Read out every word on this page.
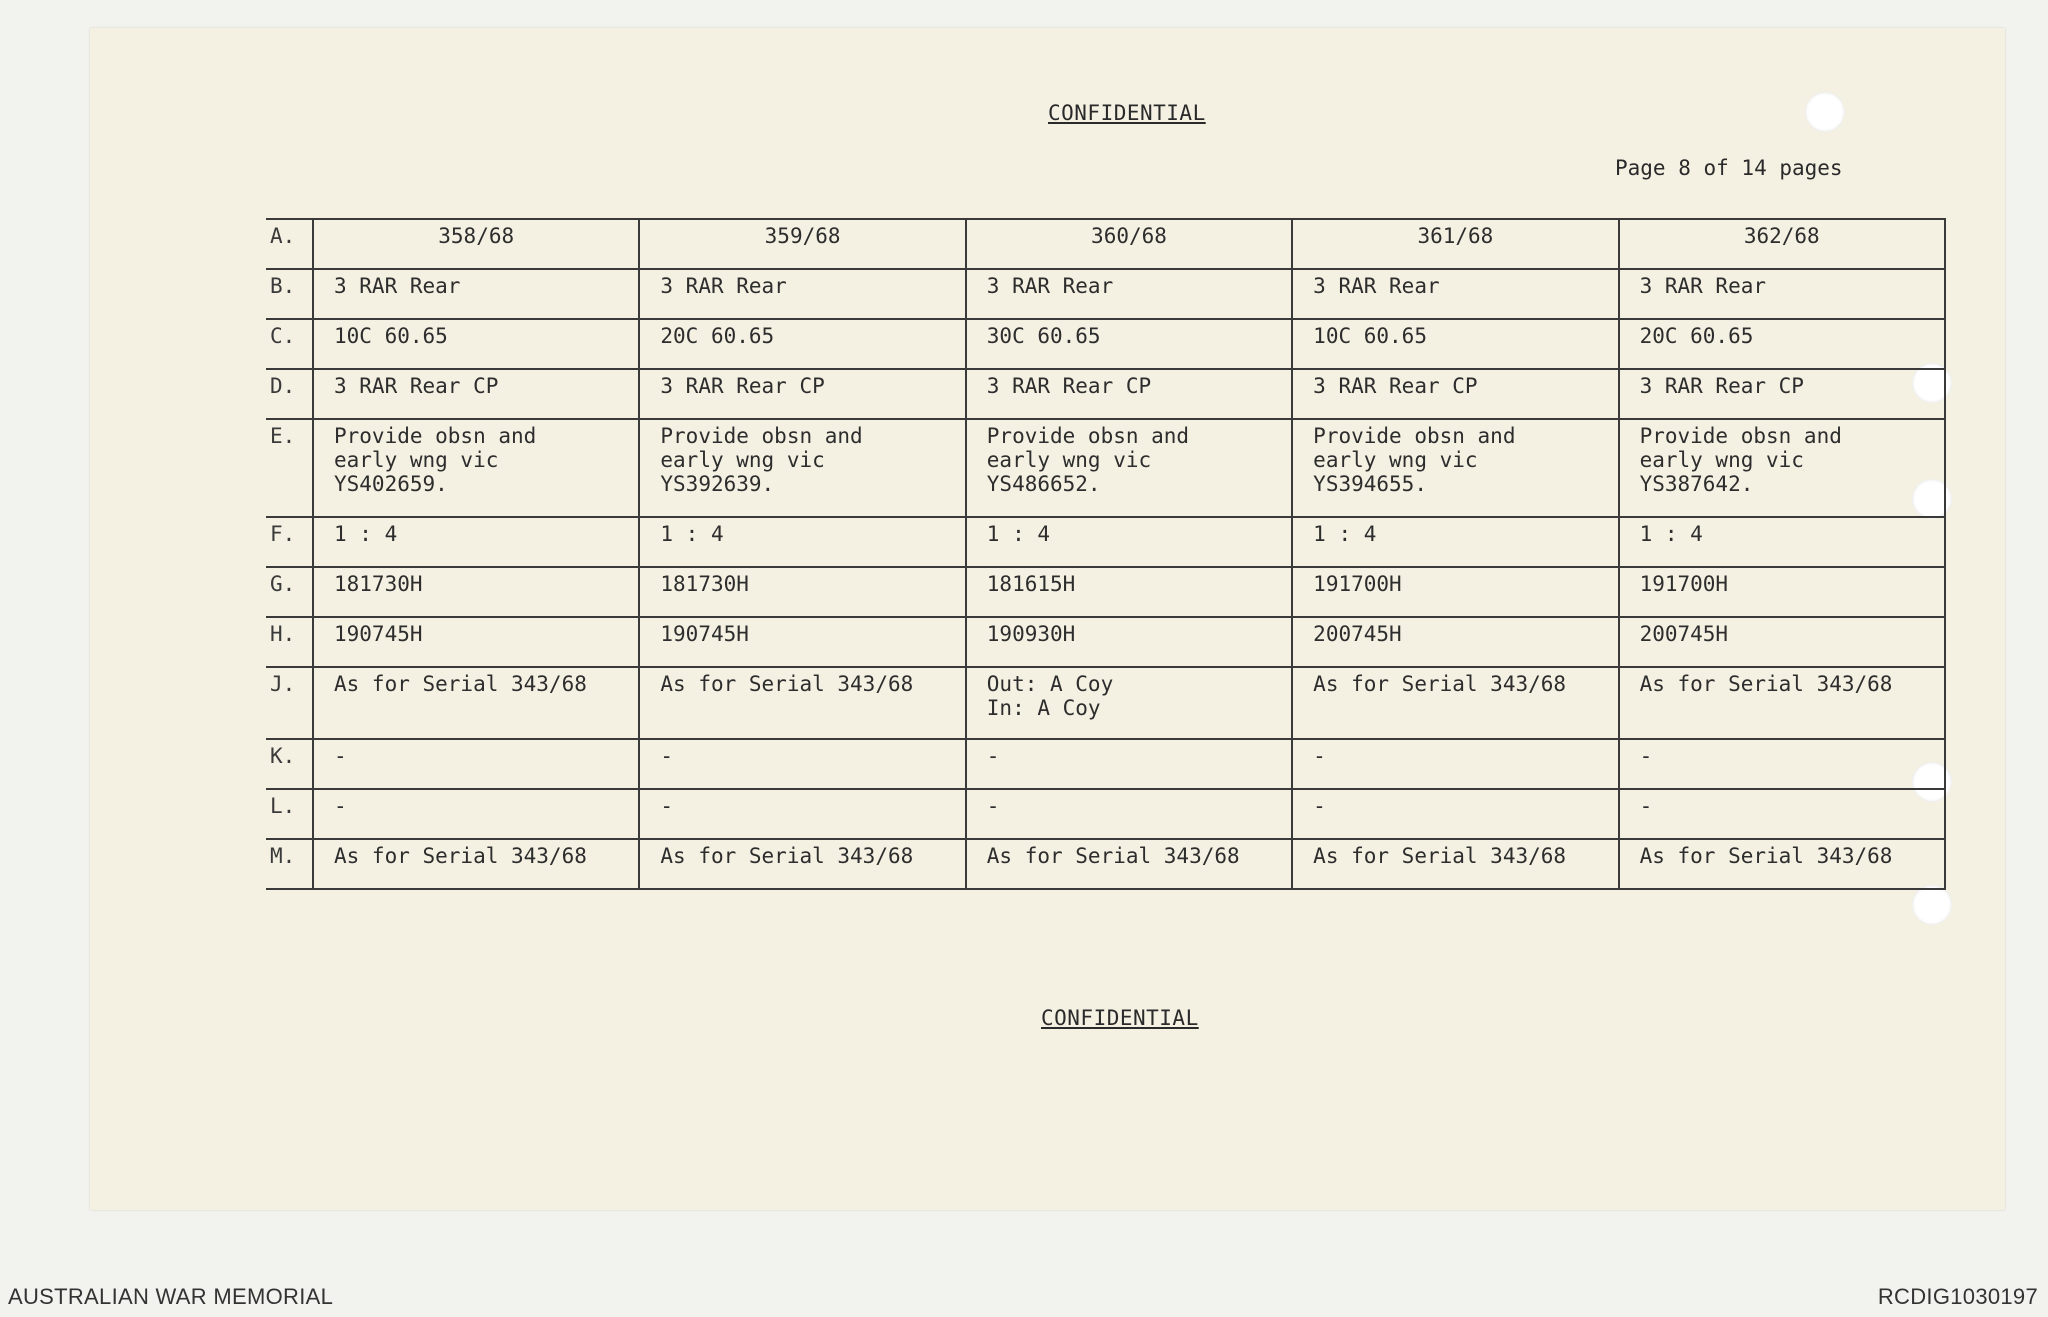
CONFIDENTIAL
Page 8 of 14 pages
A.	358/68	359/68	360/68	361/68	362/68
B.	3 RAR Rear	3 RAR Rear	3 RAR Rear	3 RAR Rear	3 RAR Rear
C.	10C 60.65	20C 60.65	30C 60.65	10C 60.65	20C 60.65
D.	3 RAR Rear CP	3 RAR Rear CP	3 RAR Rear CP	3 RAR Rear CP	3 RAR Rear CP
E.	Provide obsn and
early wng vic
YS402659.	Provide obsn and
early wng vic
YS392639.	Provide obsn and
early wng vic
YS486652.	Provide obsn and
early wng vic
YS394655.	Provide obsn and
early wng vic
YS387642.
F.	1 : 4	1 : 4	1 : 4	1 : 4	1 : 4
G.	181730H	181730H	181615H	191700H	191700H
H.	190745H	190745H	190930H	200745H	200745H
J.	As for Serial 343/68	As for Serial 343/68	Out: A Coy
In: A Coy	As for Serial 343/68	As for Serial 343/68
K.	-	-	-	-	-
L.	-	-	-	-	-
M.	As for Serial 343/68	As for Serial 343/68	As for Serial 343/68	As for Serial 343/68	As for Serial 343/68
CONFIDENTIAL
AUSTRALIAN WAR MEMORIAL	RCDIG1030197
